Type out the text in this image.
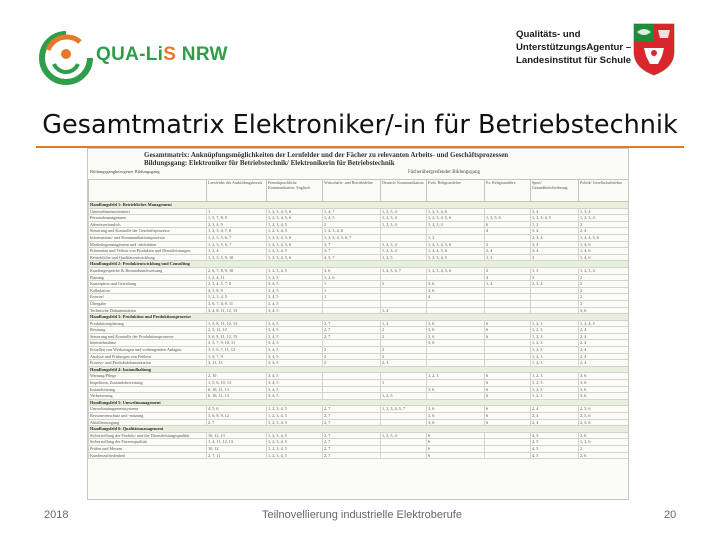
QUA-LiS NRW
Qualitäts- und
UnterstützungsAgentur –
Landesinstitut für Schule
Gesamtmatrix Elektroniker/-in für Betriebstechnik
Gesamtmatrix: Anknüpfungsmöglichkeiten der Lernfelder und der Fächer zu relevanten Arbeits- und Geschäftsprozessen
Bildungsgang: Elektroniker für Betriebstechnik/ Elektronikerin für Betriebstechnik
Bildungsgangbezogener Bildungsgang	Fächerübergreifender Bildungsgang
	Lernfelder des Ausbildungsberufs	Fremdsprachliche Kommunikation: Englisch	Wirtschafts- und Betriebslehre	Deutsch/ Kommunikation	Evth. Religionslehre	Ev. Religionslehre	Sport/ Gesundheitsförderung	Politik/ Gesellschaftslehre
Handlungsfeld 1: Betriebliches Management								
Unternehmensorientiert	1	1, 2, 3, 4, 5, 6	1, 4, 7	1, 2, 3, 4	1, 2, 3, 4, 6		3, 4	1, 3, 4
Personalmanagement	1, 5, 7, 8, 9	1, 2, 3, 4, 5, 6	1, 4, 5	1, 2, 3, 4	1, 2, 3, 4, 5, 6	1, 3, 5, 6	1, 2, 3, 4, 5	1, 2, 3, 4
Arbeitsvertraulich	2, 3, 4, 9	1, 2, 3, 4, 5	2	1, 2, 3, 4	1, 2, 3, 4	6	1, 2	3
Steuerung und Kontrolle der Geschäftsprozesse	1, 2, 3, 4, 7, 8	1, 2, 3, 4, 5	1, 2, 3, 4, 6			4	3, 4	2, 4
Informations- und Kommunikationsprozesse	1, 2, 3, 5, 6, 7	1, 2, 3, 4, 5, 6	1, 2, 3, 4, 5, 6, 7		1, 2		2, 3, 4	1, 2, 4, 5, 6
Marketingmanagement und -aktivitäten	1, 2, 3, 5, 6, 7	1, 2, 3, 4, 5, 6	3, 7	1, 2, 3, 4	1, 2, 3, 4, 5, 6	2	3, 4	1, 4, 6
Prävention und Verlust von Produkten und Dienstleistungen	1, 2, 4	1, 2, 3, 4, 5	3, 7	1, 2, 3, 4	1, 2, 4, 5, 6	2, 4	3, 4	1, 4, 6
Betriebliche und Qualitätsentwicklung	1, 2, 3, 5, 9, 10	1, 2, 3, 4, 5, 6	4, 5, 7	1, 2, 5	1, 2, 3, 4, 5	1, 3	3	1, 4, 6
Handlungsfeld 2: Produktentwicklung und Consulting								
Kundengespräche & Bestandsnachweisung	2, 6, 7, 8, 9, 10	1, 2, 3, 4, 5	3, 6	1, 2, 3, 6, 7	1, 2, 3, 4, 5, 6	2	1, 3	1, 2, 3, 4
Planung	1, 2, 4, 11	1, 2, 3	1, 2, 6			4	3	2
Konzeption und Gestaltung	2, 3, 4, 5, 7, 8	3, 4, 5	1	5	3, 6	1, 4	2, 3, 4	2
Kalkulation	4, 5, 8, 9	3, 4, 5	1		3, 6			2
Entwurf	1, 2, 3, 4, 5	3, 4, 5	1		4			2
Übergabe	3, 6, 7, 8, 9, 11	3, 4, 5						2
Technische Dokumentation	3, 4, 8, 11, 12, 13	3, 4, 5		1, 4				3, 6
Handlungsfeld 3: Produktion und Produktionsprozesse								
Produktionsplanung	1, 5, 8, 11, 12, 13	3, 4, 5	2, 7	1, 2	3, 6	6	1, 2, 3	1, 2, 4, 5
Beratung	2, 5, 11, 12	3, 4, 5	2, 7	2	3, 6	6	1, 2, 3	2, 4
Steuerung und Kontrolle der Produktionsprozesse	3, 6, 8, 11, 12, 13	3, 4, 5	2, 7	2	3, 6	6	1, 2, 3	2, 4
Inbetriebnahme	3, 5, 7, 9, 10, 11	3, 4, 5			3, 6		1, 2, 3	2, 4
Erstellen von Werkzeugen und vorbeugenden Anlagen	3, 5, 6, 7, 11, 12	3, 4, 5	2	2			1, 2, 3	2, 4
Analyse und Prüfungen von Fehlern	1, 6, 7, 9	3, 4, 5	2	2			1, 2, 3	2, 4
Prozess- und Produktdokumentation	3, 11, 13	3, 4, 5	2	2, 3			1, 2, 3	2, 4
Handlungsfeld 4: Instandhaltung								
Wartung/Pflege	2, 10	3, 4, 5			1, 2, 3	6	1, 2, 3	3, 6
Inspektion, Zustandsbewertung	1, 5, 6, 10, 13	3, 4, 5		1		6	1, 2, 3	3, 6
Instandsetzung	6, 10, 11, 13	3, 4, 5			3, 6	6	1, 2, 3	3, 6
Verbesserung	6, 10, 11, 13	3, 4, 5		1, 2, 3		6	1, 2, 3	3, 6
Handlungsfeld 5: Umweltmanagement								
Umweltmanagementsysteme	4, 5, 6	1, 2, 3, 4, 5	2, 7	1, 2, 3, 4, 5, 7	3, 6	6	2, 4	2, 5, 6
Ressourcenschutz und -nutzung	3, 6, 8, 9, 12	1, 2, 3, 4, 5	2, 7		3, 6	6	2, 4	2, 5, 6
Abfallentsorgung	2, 7	1, 2, 3, 4, 5	2, 7		3, 6	6	2, 4	2, 5, 6
Handlungsfeld 6: Qualitätsmanagement								
Sicherstellung der Produkt- und der Dienstleistungsqualität	10, 12, 13	1, 2, 3, 4, 5	2, 7	1, 2, 3, 4	6		4, 5	2, 6
Sicherstellung der Prozessqualität	1, 4, 11, 12, 13	1, 2, 3, 4, 5	2, 7		6		4, 5	1, 2, 6
Prüfen und Messen	10, 12	1, 2, 3, 4, 5	2, 7		6		4, 5	2
Kundenzufriedenheit	2, 7, 11	1, 2, 3, 4, 5	2, 7		6		4, 5	2, 6
2018	Teilnovellierung industrielle Elektroberufe	20
